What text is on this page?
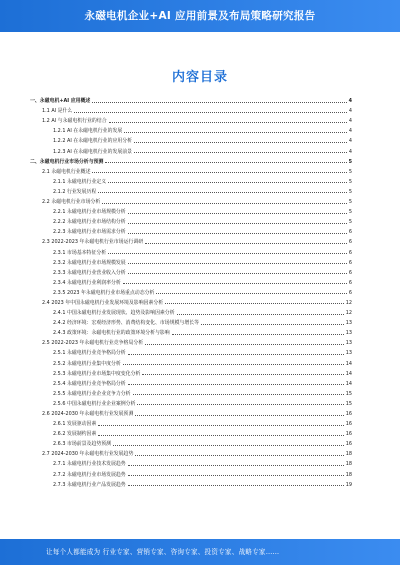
永磁电机企业+AI 应用前景及布局策略研究报告
内容目录
一、永磁电机+AI 应用概述	4
1.1 AI 是什么	4
1.2 AI 与永磁电机行业的结合	4
1.2.1 AI 在永磁电机行业的发展	4
1.2.2 AI 在永磁电机行业的应用分析	4
1.2.3 AI 在永磁电机行业的发展前景	4
二、永磁电机行业市场分析与预测	5
2.1 永磁电机行业概述	5
2.1.1 永磁电机行业定义	5
2.1.2 行业发展历程	5
2.2 永磁电机行业市场分析	5
2.2.1 永磁电机行业市场规模分析	5
2.2.2 永磁电机行业市场结构分析	5
2.2.3 永磁电机行业市场需求分析	6
2.3 2022-2023 年永磁电机行业市场运行调研	6
2.3.1 市场基本特征分析	6
2.3.2 永磁电机行业市场规模发展	6
2.3.3 永磁电机行业营业收入分析	6
2.3.4 永磁电机行业利润率分析	6
2.3.5 2023 年永磁电机行业市场重点动态分析	6
2.4 2023 年中国永磁电机行业发展环境及影响因素分析	12
2.4.1 中国永磁电机行业发展现状、趋势及影响因素分析	12
2.4.2 经济环境：宏观经济形势、消费结构变化、市场规模与增长等	13
2.4.3 政策环境：永磁电机行业的政策环境分析与影响	13
2.5 2022-2023 年永磁电机行业竞争格局分析	13
2.5.1 永磁电机行业竞争格局分析	13
2.5.2 永磁电机行业集中度分析	14
2.5.3 永磁电机行业市场集中度变化分析	14
2.5.4 永磁电机行业竞争格局分析	14
2.5.5 永磁电机行业企业竞争力分析	15
2.5.6 中国永磁电机行业企业案例分析	15
2.6 2024-2030 年永磁电机行业发展预测	16
2.6.1 发展驱动因素	16
2.6.2 发展制约因素	16
2.6.3 市场前景及趋势预测	16
2.7 2024-2030 年永磁电机行业发展趋势	18
2.7.1 永磁电机行业技术发展趋势	18
2.7.2 永磁电机行业市场发展趋势	18
2.7.3 永磁电机行业产品发展趋势	19
让每个人都能成为 行业专家、营销专家、咨询专家、投资专家、战略专家……
